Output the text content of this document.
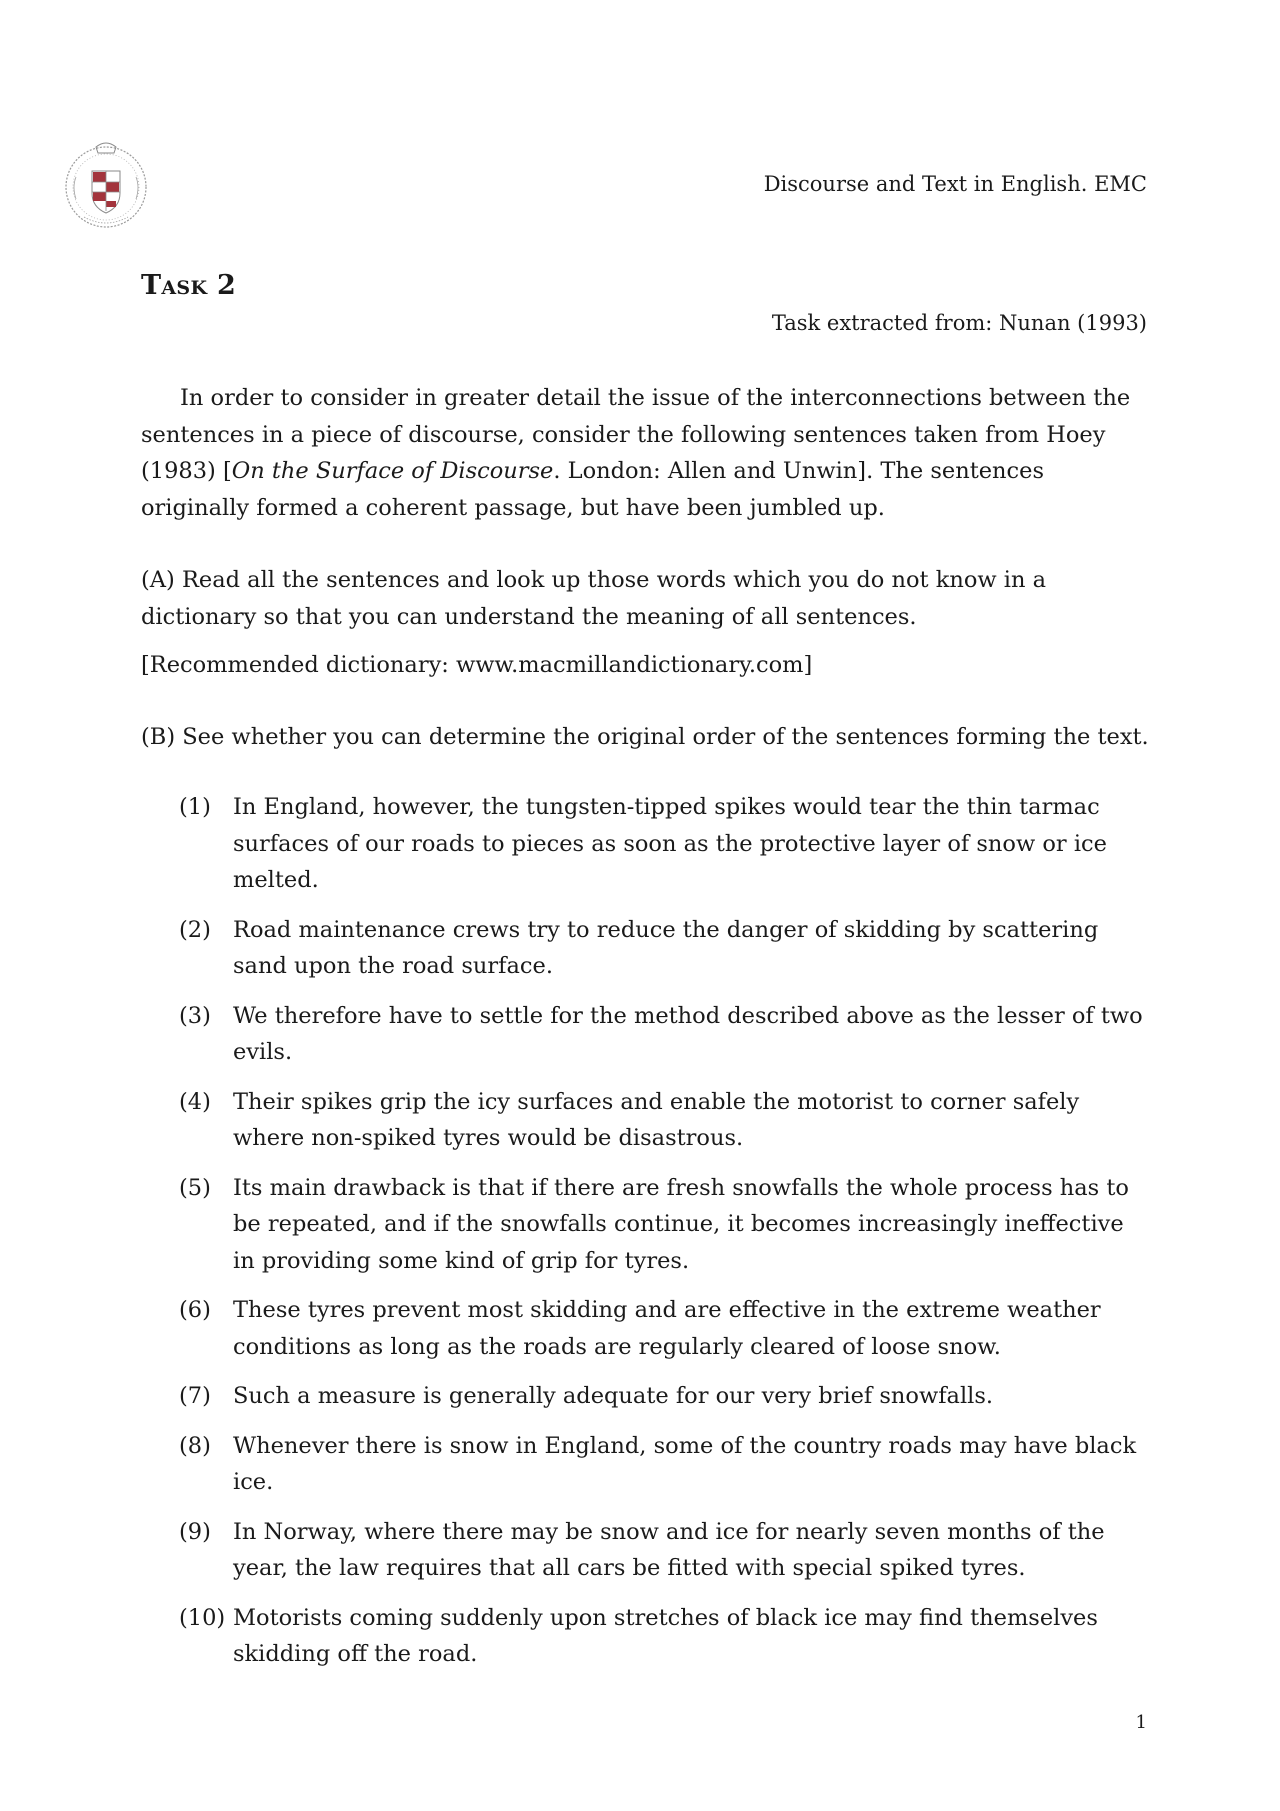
Discourse and Text in English. EMC
Task 2
Task extracted from: Nunan (1993)

In order to consider in greater detail the issue of the interconnections between the sentences in a piece of discourse, consider the following sentences taken from Hoey (1983) [On the Surface of Discourse. London: Allen and Unwin]. The sentences originally formed a coherent passage, but have been jumbled up.

(A) Read all the sentences and look up those words which you do not know in a dictionary so that you can understand the meaning of all sentences.

[Recommended dictionary: www.macmillandictionary.com]

(B) See whether you can determine the original order of the sentences forming the text.

(1) In England, however, the tungsten-tipped spikes would tear the thin tarmac surfaces of our roads to pieces as soon as the protective layer of snow or ice melted.
(2) Road maintenance crews try to reduce the danger of skidding by scattering sand upon the road surface.
(3) We therefore have to settle for the method described above as the lesser of two evils.
(4) Their spikes grip the icy surfaces and enable the motorist to corner safely where non-spiked tyres would be disastrous.
(5) Its main drawback is that if there are fresh snowfalls the whole process has to be repeated, and if the snowfalls continue, it becomes increasingly ineffective in providing some kind of grip for tyres.
(6) These tyres prevent most skidding and are effective in the extreme weather conditions as long as the roads are regularly cleared of loose snow.
(7) Such a measure is generally adequate for our very brief snowfalls.
(8) Whenever there is snow in England, some of the country roads may have black ice.
(9) In Norway, where there may be snow and ice for nearly seven months of the year, the law requires that all cars be fitted with special spiked tyres.
(10) Motorists coming suddenly upon stretches of black ice may find themselves skidding off the road.
1
